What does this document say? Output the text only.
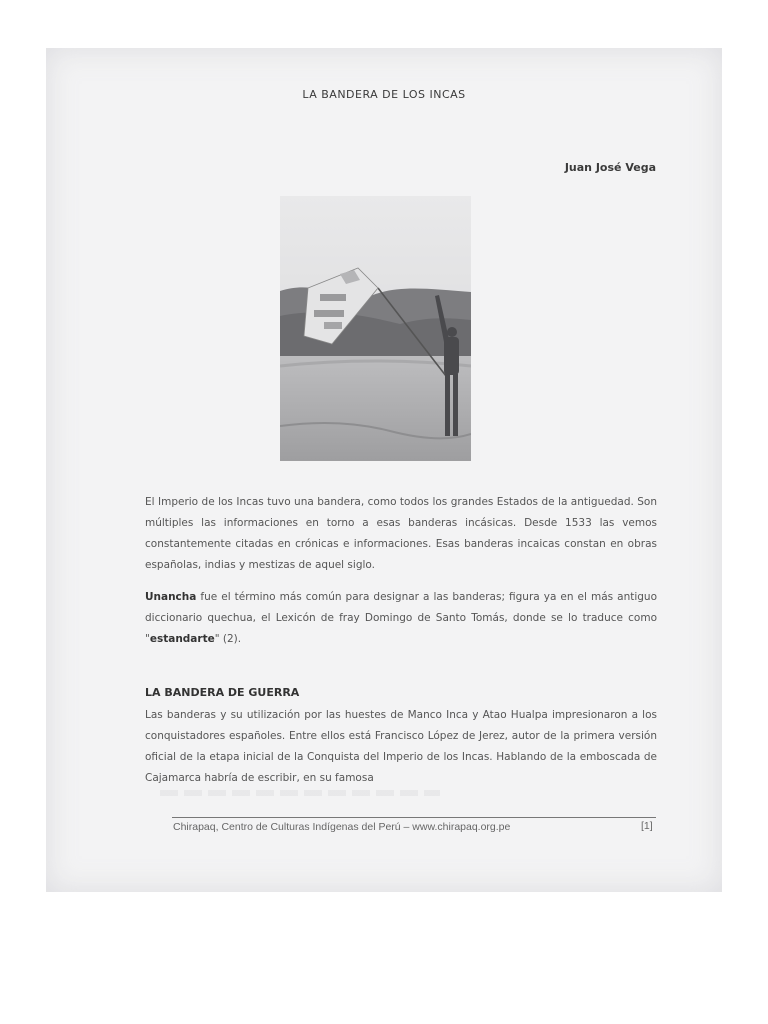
LA BANDERA DE LOS INCAS
Juan José Vega
El Imperio de los Incas tuvo una bandera, como todos los grandes Estados de la antiguedad. Son múltiples las informaciones en torno a esas banderas incásicas. Desde 1533 las vemos constantemente citadas en crónicas e informaciones. Esas banderas incaicas constan en obras españolas, indias y mestizas de aquel siglo.
Unancha fue el término más común para designar a las banderas; figura ya en el más antiguo diccionario quechua, el Lexicón de fray Domingo de Santo Tomás, donde se lo traduce como "estandarte" (2).
LA BANDERA DE GUERRA
Las banderas y su utilización por las huestes de Manco Inca y Atao Hualpa impresionaron a los conquistadores españoles. Entre ellos está Francisco López de Jerez, autor de la primera versión oficial de la etapa inicial de la Conquista del Imperio de los Incas. Hablando de la emboscada de Cajamarca habría de escribir, en su famosa
Chirapaq, Centro de Culturas Indígenas del Perú – www.chirapaq.org.pe	[1]
